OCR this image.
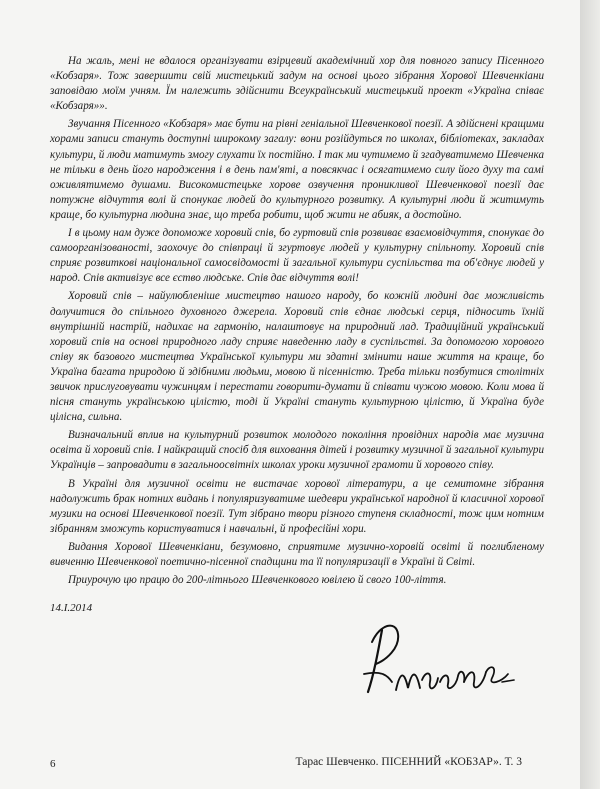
На жаль, мені не вдалося організувати взірцевий академічний хор для повного запису Пісенного «Кобзаря». Тож завершити свій мистецький задум на основі цього зібрання Хорової Шевченкіани заповідаю моїм учням. Їм належить здійснити Всеукраїнський мистецький проект «Україна співає «Кобзаря»».

Звучання Пісенного «Кобзаря» має бути на рівні геніальної Шевченкової поезії. А здійснені кращими хорами записи стануть доступні широкому загалу: вони розійдуться по школах, бібліотеках, закладах культури, й люди матимуть змогу слухати їх постійно. І так ми чутимемо й згадуватимемо Шевченка не тільки в день його народження і в день пам'яті, а повсякчас і осягатимемо силу його духу та самі оживлятимемо душами. Високомистецьке хорове озвучення проникливої Шевченкової поезії дає потужне відчуття волі й спонукає людей до культурного розвитку. А культурні люди й житимуть краще, бо культурна людина знає, що треба робити, щоб жити не абияк, а достойно.

І в цьому нам дуже допоможе хоровий спів, бо гуртовий спів розвиває взаємовідчуття, спонукає до самоорганізованості, заохочує до співпраці й згуртовує людей у культурну спільноту. Хоровий спів сприяє розвиткові національної самосвідомості й загальної культури суспільства та об'єднує людей у народ. Спів активізує все єство людське. Спів дає відчуття волі!

Хоровий спів – найулюбленіше мистецтво нашого народу, бо кожній людині дає можливість долучитися до спільного духовного джерела. Хоровий спів єднає людські серця, підносить їхній внутрішній настрій, надихає на гармонію, налаштовує на природний лад. Традиційний український хоровий спів на основі природного ладу сприяє наведенню ладу в суспільстві. За допомогою хорового співу як базового мистецтва Української культури ми здатні змінити наше життя на краще, бо Україна багата природою й здібними людьми, мовою й пісенністю. Треба тільки позбутися столітніх звичок прислуговувати чужинцям і перестати говорити-думати й співати чужою мовою. Коли мова й пісня стануть українською цілістю, тоді й Україні стануть культурною цілістю, й Україна буде цілісна, сильна.

Визначальний вплив на культурний розвиток молодого покоління провідних народів має музична освіта й хоровий спів. І найкращий спосіб для виховання дітей і розвитку музичної й загальної культури Українців – запровадити в загальноосвітніх школах уроки музичної грамоти й хорового співу.

В Україні для музичної освіти не вистачає хорової літератури, а це семитомне зібрання надолужить брак нотних видань і популяризуватиме шедеври української народної й класичної хорової музики на основі Шевченкової поезії. Тут зібрано твори різного ступеня складності, тож цим нотним зібранням зможуть користуватися і навчальні, й професійні хори.

Видання Хорової Шевченкіани, безумовно, сприятиме музично-хоровій освіті й поглибленому вивченню Шевченкової поетично-пісенної спадщини та її популяризації в Україні й Світі.

Приурочую цю працю до 200-літнього Шевченкового ювілею й свого 100-ліття.

14.I.2014
6	Тарас Шевченко. ПІСЕННИЙ «КОБЗАР». Т. 3
